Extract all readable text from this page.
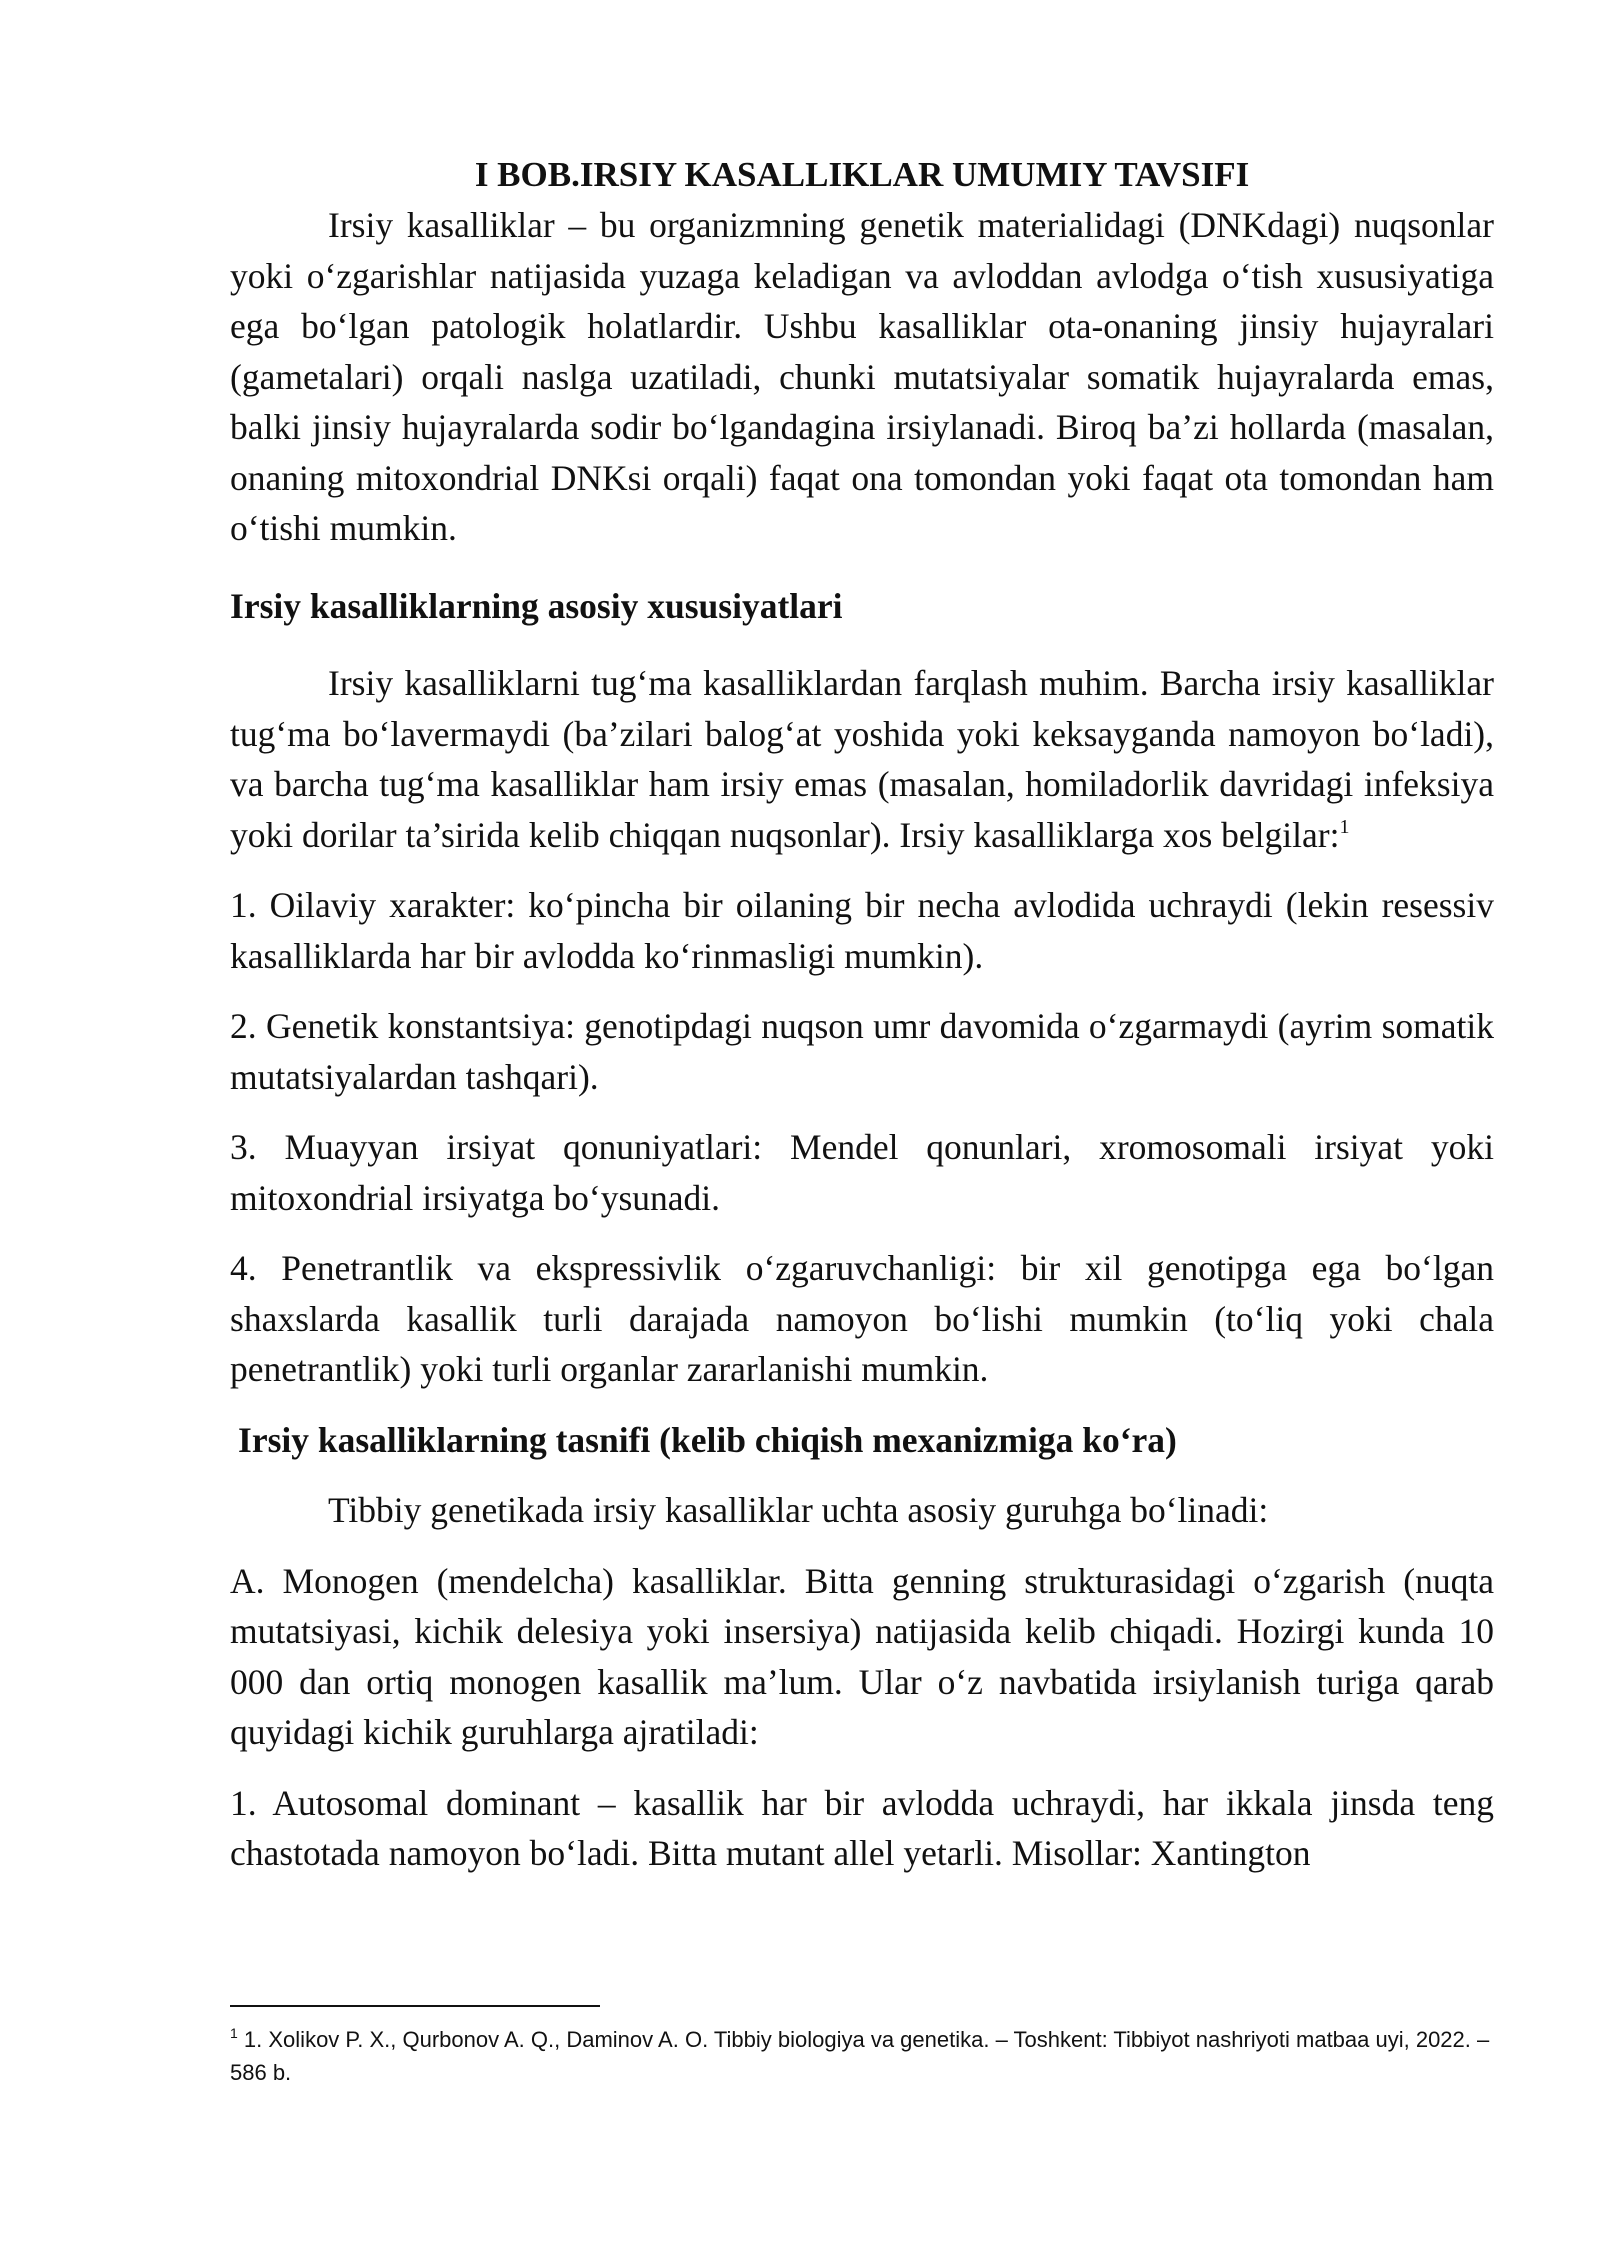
I BOB.IRSIY KASALLIKLAR UMUMIY TAVSIFI

Irsiy kasalliklar – bu organizmning genetik materialidagi (DNKdagi) nuqsonlar yoki o‘zgarishlar natijasida yuzaga keladigan va avloddan avlodga o‘tish xususiyatiga ega bo‘lgan patologik holatlardir. Ushbu kasalliklar ota-onaning jinsiy hujayralari (gametalari) orqali naslga uzatiladi, chunki mutatsiyalar somatik hujayralarda emas, balki jinsiy hujayralarda sodir bo‘lgandagina irsiylanadi. Biroq ba’zi hollarda (masalan, onaning mitoxondrial DNKsi orqali) faqat ona tomondan yoki faqat ota tomondan ham o‘tishi mumkin.

Irsiy kasalliklarning asosiy xususiyatlari

Irsiy kasalliklarni tug‘ma kasalliklardan farqlash muhim. Barcha irsiy kasalliklar tug‘ma bo‘lavermaydi (ba’zilari balog‘at yoshida yoki keksayganda namoyon bo‘ladi), va barcha tug‘ma kasalliklar ham irsiy emas (masalan, homiladorlik davridagi infeksiya yoki dorilar ta’sirida kelib chiqqan nuqsonlar). Irsiy kasalliklarga xos belgilar:$^1$

1. Oilaviy xarakter: ko‘pincha bir oilaning bir necha avlodida uchraydi (lekin resessiv kasalliklarda har bir avlodda ko‘rinmasligi mumkin).

2. Genetik konstantsiya: genotipdagi nuqson umr davomida o‘zgarmaydi (ayrim somatik mutatsiyalardan tashqari).

3. Muayyan irsiyat qonuniyatlari: Mendel qonunlari, xromosomali irsiyat yoki mitoxondrial irsiyatga bo‘ysunadi.

4. Penetrantlik va ekspressivlik o‘zgaruvchanligi: bir xil genotipga ega bo‘lgan shaxslarda kasallik turli darajada namoyon bo‘lishi mumkin (to‘liq yoki chala penetrantlik) yoki turli organlar zararlanishi mumkin.

Irsiy kasalliklarning tasnifi (kelib chiqish mexanizmiga ko‘ra)

Tibbiy genetikada irsiy kasalliklar uchta asosiy guruhga bo‘linadi:

A. Monogen (mendelcha) kasalliklar. Bitta genning strukturasidagi o‘zgarish (nuqta mutatsiyasi, kichik delesiya yoki insersiya) natijasida kelib chiqadi. Hozirgi kunda 10 000 dan ortiq monogen kasallik ma’lum. Ular o‘z navbatida irsiylanish turiga qarab quyidagi kichik guruhlarga ajratiladi:

1. Autosomal dominant – kasallik har bir avlodda uchraydi, har ikkala jinsda teng chastotada namoyon bo‘ladi. Bitta mutant allel yetarli. Misollar: Xantington

$^1$ 1. Xolikov P. X., Qurbonov A. Q., Daminov A. O. Tibbiy biologiya va genetika. – Toshkent: Tibbiyot nashriyoti matbaa uyi, 2022. – 586 b.
